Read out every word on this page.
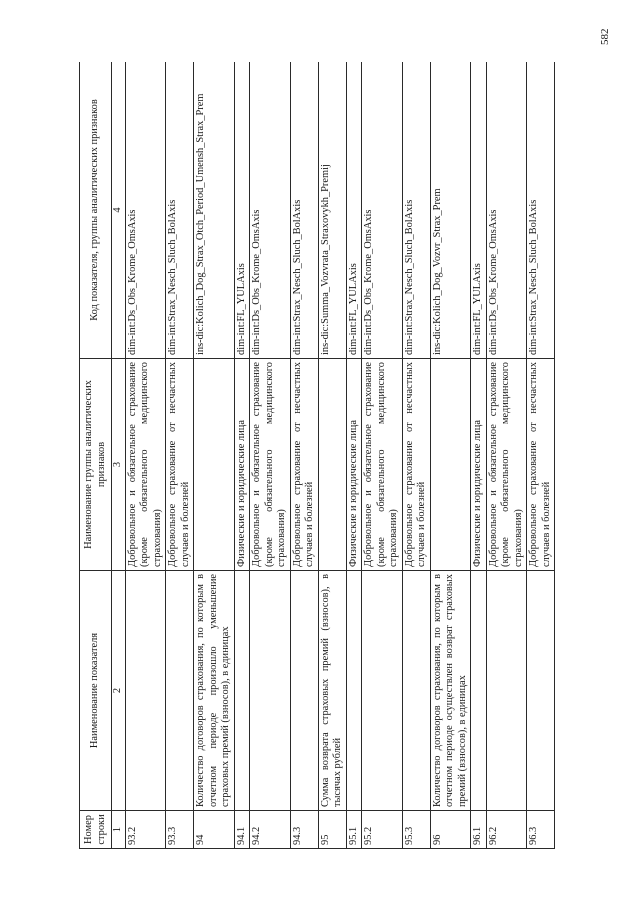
582
Номер строки	Наименование показателя	Наименование группы аналитических признаков	Код показателя, группы аналитических признаков
1	2	3	4
93.2		Добровольное и обязательное страхование (кроме обязательного медицинского страхования)	dim-int:Ds_Obs_Krome_OmsAxis
93.3		Добровольное страхование от несчастных случаев и болезней	dim-int:Strax_Nesch_Sluch_BolAxis
94	Количество договоров страхования, по которым в отчетном периоде произошло уменьшение страховых премий (взносов), в единицах		ins-dic:Kolich_Dog_Strax_Otch_Period_Umensh_Strax_Prem
94.1		Физические и юридические лица	dim-int:FL_YULAxis
94.2		Добровольное и обязательное страхование (кроме обязательного медицинского страхования)	dim-int:Ds_Obs_Krome_OmsAxis
94.3		Добровольное страхование от несчастных случаев и болезней	dim-int:Strax_Nesch_Sluch_BolAxis
95	Сумма возврата страховых премий (взносов), в тысячах рублей		ins-dic:Summa_Vozvrata_Straxovykh_Premij
95.1		Физические и юридические лица	dim-int:FL_YULAxis
95.2		Добровольное и обязательное страхование (кроме обязательного медицинского страхования)	dim-int:Ds_Obs_Krome_OmsAxis
95.3		Добровольное страхование от несчастных случаев и болезней	dim-int:Strax_Nesch_Sluch_BolAxis
96	Количество договоров страхования, по которым в отчетном периоде осуществлен возврат страховых премий (взносов), в единицах		ins-dic:Kolich_Dog_Vozvr_Strax_Prem
96.1		Физические и юридические лица	dim-int:FL_YULAxis
96.2		Добровольное и обязательное страхование (кроме обязательного медицинского страхования)	dim-int:Ds_Obs_Krome_OmsAxis
96.3		Добровольное страхование от несчастных случаев и болезней	dim-int:Strax_Nesch_Sluch_BolAxis
